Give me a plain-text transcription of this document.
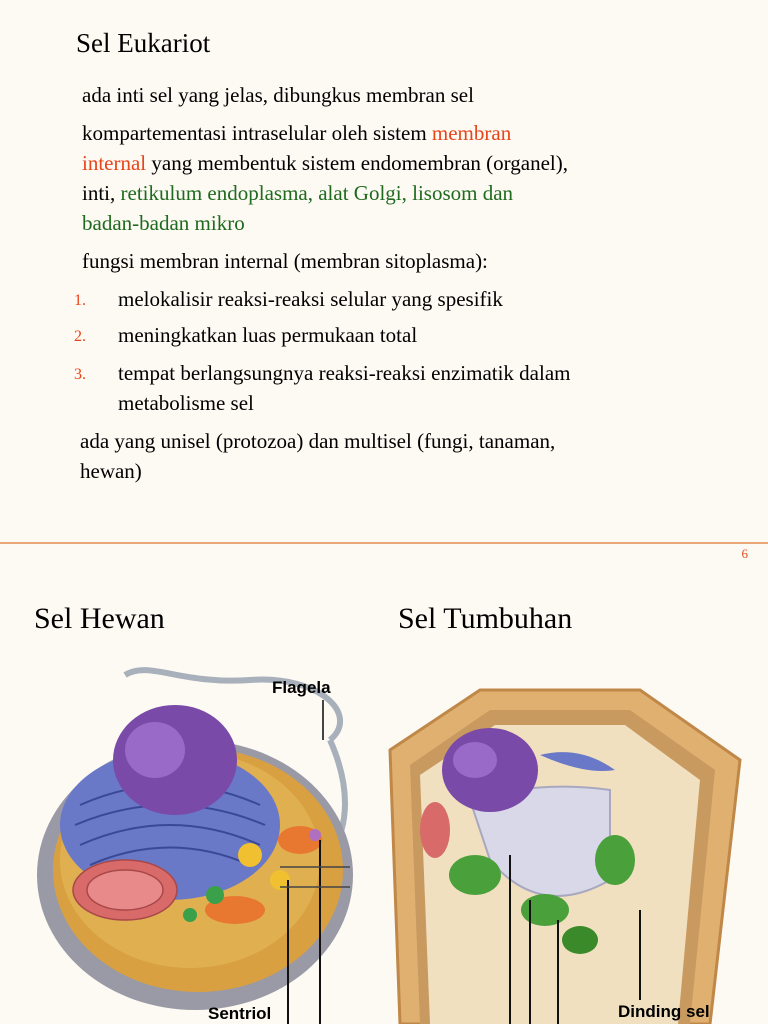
Sel Eukariot
ada inti sel yang jelas, dibungkus membran sel
kompartementasi intraselular oleh sistem membran
internal yang membentuk sistem endomembran (organel),
inti, retikulum endoplasma, alat Golgi, lisosom dan
badan-badan mikro
fungsi membran internal (membran sitoplasma):
1. melokalisir reaksi-reaksi selular yang spesifik
2. meningkatkan luas permukaan total
3. tempat berlangsungnya reaksi-reaksi enzimatik dalam
metabolisme sel
ada yang unisel (protozoa) dan multisel (fungi, tanaman,
hewan)
6
Sel Hewan	Sel Tumbuhan
Flagela
Sentriol	Dinding sel
